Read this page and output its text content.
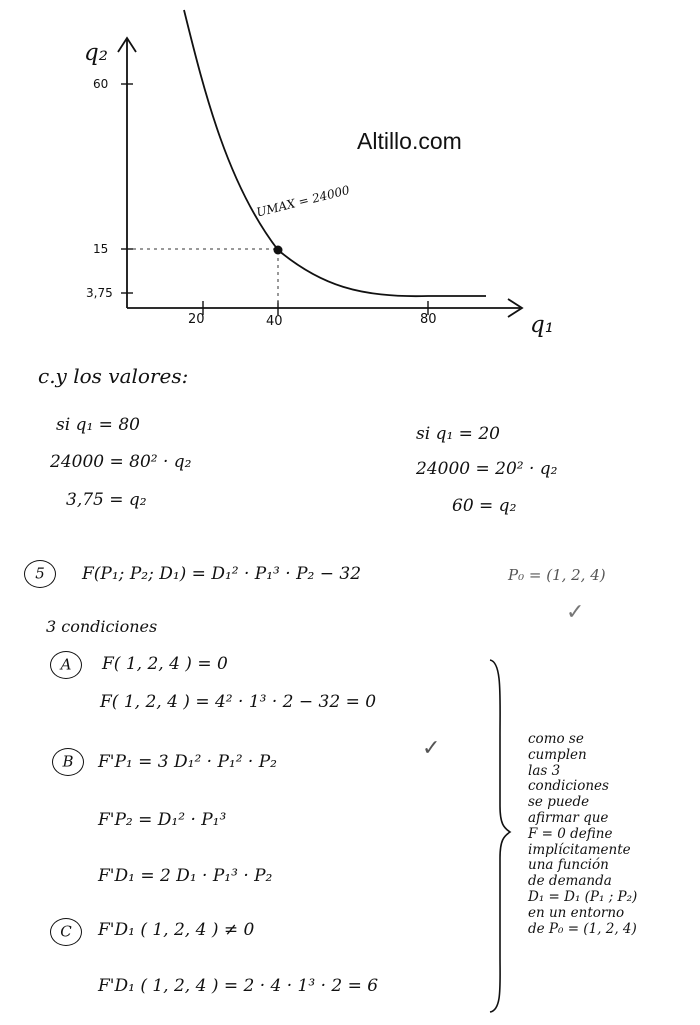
q₂
60
15
3,75
20	40	80	q₁
UMAX = 24000
Altillo.com
c.y los valores:
si q₁ = 80
24000 = 80² · q₂
3,75 = q₂
si q₁ = 20
24000 = 20² · q₂
60 = q₂
5	F(P₁; P₂; D₁) = D₁² · P₁³ · P₂ − 32	P₀ = (1, 2, 4)
✓
3 condiciones
A	F( 1, 2, 4 ) = 0
F( 1, 2, 4 ) = 4² · 1³ · 2 − 32 = 0
B	F'P₁ = 3 D₁² · P₁² · P₂
✓
F'P₂ = D₁² · P₁³
F'D₁ = 2 D₁ · P₁³ · P₂
C	F'D₁ ( 1, 2, 4 ) ≠ 0
F'D₁ ( 1, 2, 4 ) = 2 · 4 · 1³ · 2 = 6
como se
cumplen
las 3
condiciones
se puede
afirmar que
F = 0 define
implícitamente
una función
de demanda
D₁ = D₁ (P₁ ; P₂)
en un entorno
de P₀ = (1, 2, 4)
